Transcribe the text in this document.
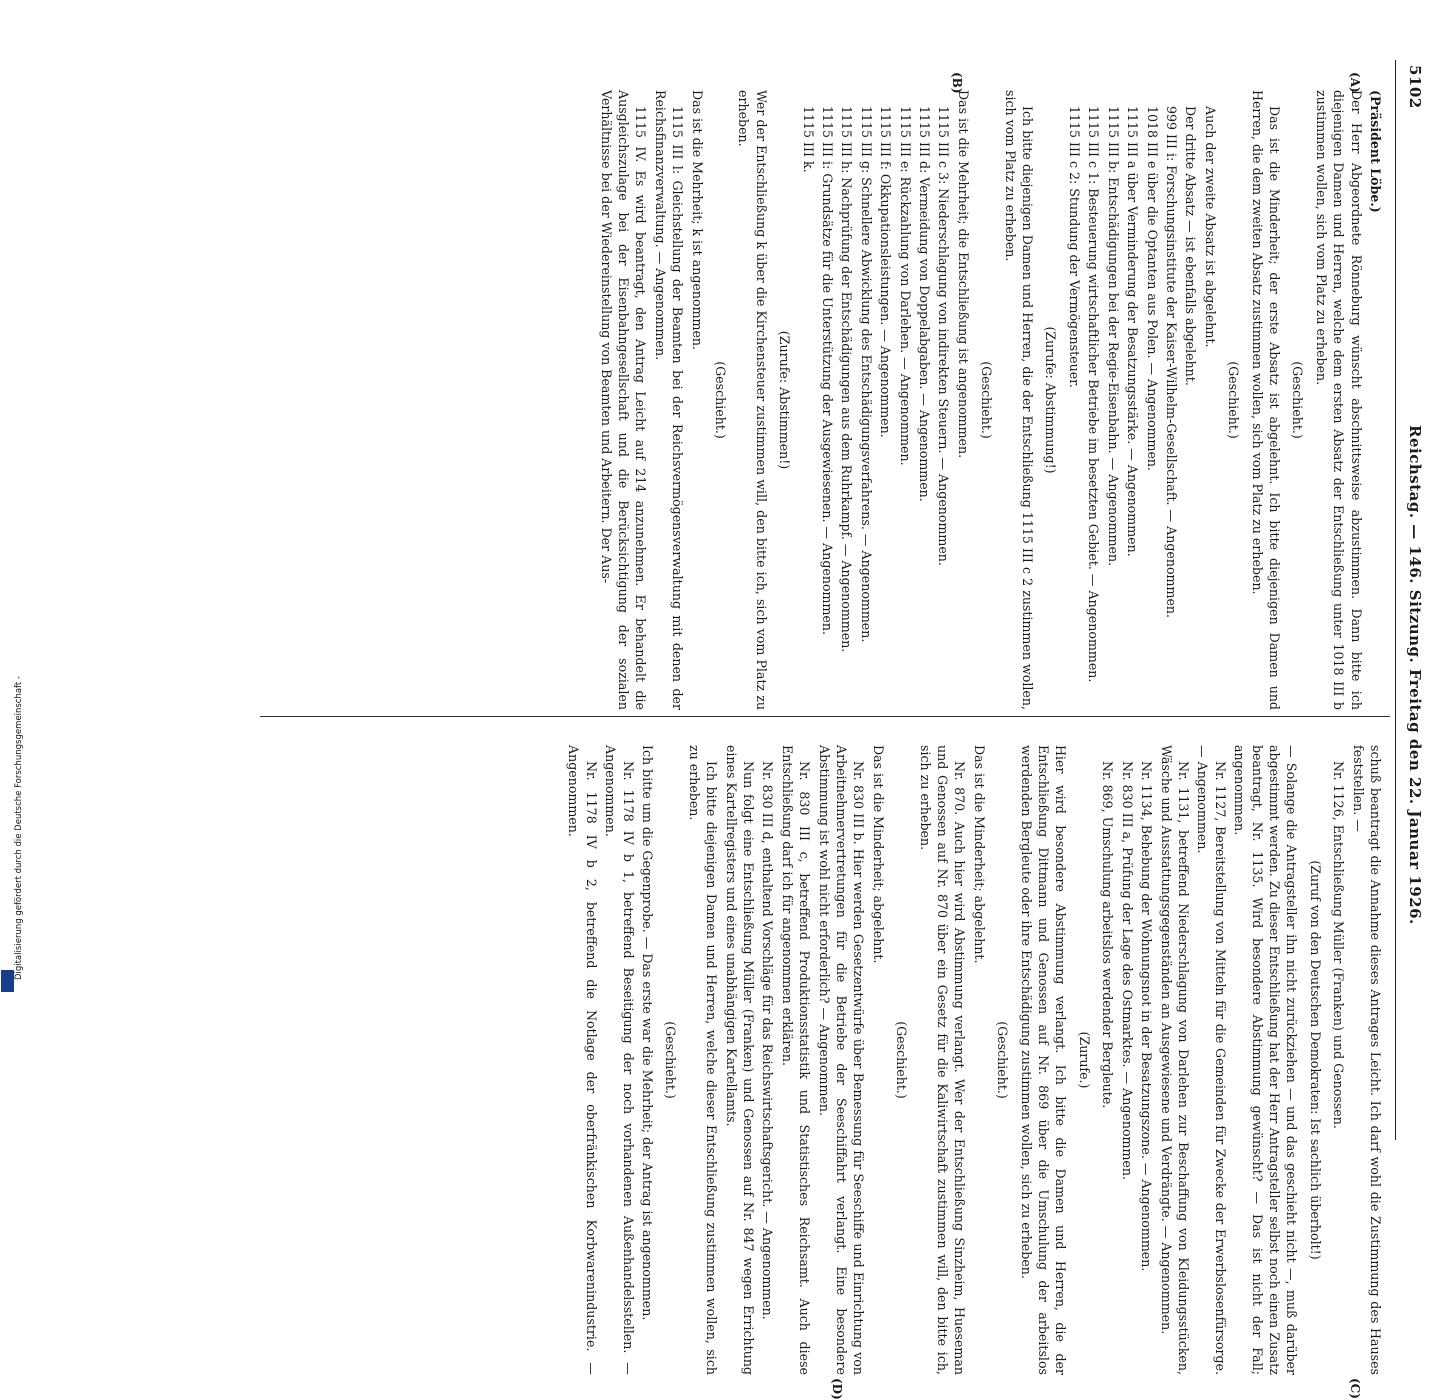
Digitalisierung gefördert durch die Deutsche Forschungsgemeinschaft -
5102
Reichstag. — 146. Sitzung. Freitag den 22. Januar 1926.
(A)
(B)
(C)
(D)

(Präsident Löbe.)

Der Herr Abgeordnete Rönneburg wünscht abschnittsweise abzustimmen. Dann bitte ich diejenigen Damen und Herren, welche dem ersten Absatz der Entschließung unter 1018 III b zustimmen wollen, sich vom Platz zu erheben.

(Geschieht.)

Das ist die Minderheit; der erste Absatz ist abgelehnt. Ich bitte diejenigen Damen und Herren, die dem zweiten Absatz zustimmen wollen, sich vom Platz zu erheben.

(Geschieht.)

Auch der zweite Absatz ist abgelehnt.

Der dritte Absatz — ist ebenfalls abgelehnt.

999 III i: Forschungsinstitute der Kaiser-Wilhelm-Gesellschaft. — Angenommen.

1018 III e über die Optanten aus Polen. — Angenommen.

1115 III a über Verminderung der Besatzungsstärke. — Angenommen.

1115 III b: Entschädigungen bei der Regie-Eisenbahn. — Angenommen.

1115 III c 1: Besteuerung wirtschaftlicher Betriebe im besetzten Gebiet. — Angenommen.

1115 III c 2: Stundung der Vermögensteuer.

(Zurufe: Abstimmung!)

Ich bitte diejenigen Damen und Herren, die der Entschließung 1115 III c 2 zustimmen wollen, sich vom Platz zu erheben.

(Geschieht.)

Das ist die Mehrheit; die Entschließung ist angenommen.

1115 III c 3: Niederschlagung von indirekten Steuern. — Angenommen.

1115 III d: Vermeidung von Doppelabgaben. — Angenommen.

1115 III e: Rückzahlung von Darlehen. — Angenommen.

1115 III f: Okkupationsleistungen. — Angenommen.

1115 III g: Schnellere Abwicklung des Entschädigungsverfahrens. — Angenommen.

1115 III h: Nachprüfung der Entschädigungen aus dem Ruhrkampf. — Angenommen.

1115 III i: Grundsätze für die Unterstützung der Ausgewiesenen. — Angenommen.

1115 III k.

(Zurufe: Abstimmen!)

Wer der Entschließung k über die Kirchensteuer zustimmen will, den bitte ich, sich vom Platz zu erheben.

(Geschieht.)

Das ist die Mehrheit; k ist angenommen.

1115 III l: Gleichstellung der Beamten bei der Reichsvermögensverwaltung mit denen der Reichsfinanzverwaltung. — Angenommen.

1115 IV. Es wird beantragt, den Antrag Leicht auf 214 anzunehmen. Er behandelt die Ausgleichszulage bei der Eisenbahngesellschaft und die Berücksichtigung der sozialen Verhältnisse bei der Wiedereinstellung von Beamten und Arbeitern. Der Aus-

schuß beantragt die Annahme dieses Antrages Leicht. Ich darf wohl die Zustimmung des Hauses feststellen. —

Nr. 1126, Entschließung Müller (Franken) und Genossen.

(Zuruf von den Deutschen Demokraten: Ist sachlich überholt!)

— Solange die Antragsteller ihn nicht zurückziehen — und das geschieht nicht —, muß darüber abgestimmt werden. Zu dieser Entschließung hat der Herr Antragsteller selbst noch einen Zusatz beantragt, Nr. 1135. Wird besondere Abstimmung gewünscht? — Das ist nicht der Fall; angenommen.

Nr. 1127, Bereitstellung von Mitteln für die Gemeinden für Zwecke der Erwerbslosenfürsorge. — Angenommen.

Nr. 1131, betreffend Niederschlagung von Darlehen zur Beschaffung von Kleidungsstücken, Wäsche und Ausstattungsgegenständen an Ausgewiesene und Verdrängte. — Angenommen.

Nr. 1134, Behebung der Wohnungsnot in der Besatzungszone. — Angenommen.

Nr. 830 III a, Prüfung der Lage des Ostmarktes. — Angenommen.

Nr. 869, Umschulung arbeitslos werdender Bergleute.

(Zurufe.)

Hier wird besondere Abstimmung verlangt. Ich bitte die Damen und Herren, die der Entschließung Dittmann und Genossen auf Nr. 869 über die Umschulung der arbeitslos werdenden Bergleute oder ihre Entschädigung zustimmen wollen, sich zu erheben.

(Geschieht.)

Das ist die Minderheit; abgelehnt.

Nr. 870. Auch hier wird Abstimmung verlangt. Wer der Entschließung Sinzheim, Hueseman und Genossen auf Nr. 870 über ein Gesetz für die Kaliwirtschaft zustimmen will, den bitte ich, sich zu erheben.

(Geschieht.)

Das ist die Minderheit; abgelehnt.

Nr. 830 III b. Hier werden Gesetzentwürfe über Bemessung für Seeschiffe und Einrichtung von Arbeitnehmervertretungen für die Betriebe der Seeschiffahrt verlangt. Eine besondere Abstimmung ist wohl nicht erforderlich? — Angenommen.

Nr. 830 III c, betreffend Produktionsstatistik und Statistisches Reichsamt. Auch diese Entschließung darf ich für angenommen erklären.

Nr. 830 III d, enthaltend Vorschläge für das Reichswirtschaftsgericht. — Angenommen.

Nun folgt eine Entschließung Müller (Franken) und Genossen auf Nr. 847 wegen Errichtung eines Kartellregisters und eines unabhängigen Kartellamts.

Ich bitte diejenigen Damen und Herren, welche dieser Entschließung zustimmen wollen, sich zu erheben.

(Geschieht.)

Ich bitte um die Gegenprobe. — Das erste war die Mehrheit; der Antrag ist angenommen.

Nr. 1178 IV b 1, betreffend Beseitigung der noch vorhandenen Außenhandelsstellen. — Angenommen.

Nr. 1178 IV b 2, betreffend die Notlage der oberfränkischen Korbwarenindustrie. — Angenommen.
